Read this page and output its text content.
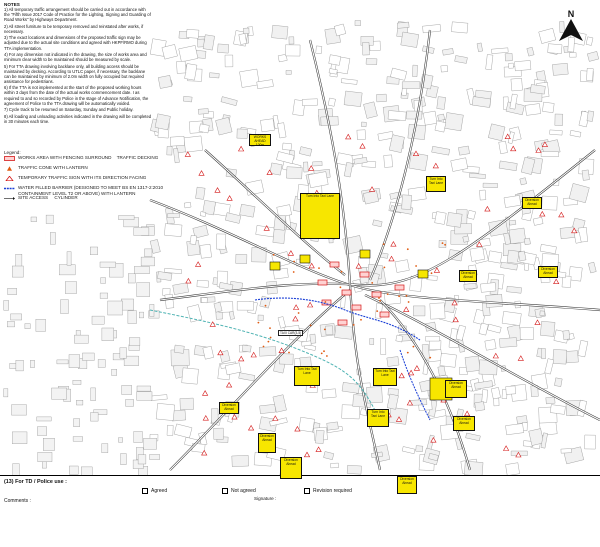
NOTES

1) All temporary traffic arrangement should be carried out in accordance with the "Fifth Issue 2017 Code of Practice for the Lighting, Signing and Guarding of Road Works" by Highways Department.

2) All street furniture to be temporary removed and reinstated after works, if necessary.

3) The exact locations and dimensions of the proposed traffic sign may be adjusted due to the actual site conditions and agreed with HKPF/RMO during TTA implementation.

4) For any dimension not indicated in the drawing, the size of works area and minimum clear width to be maintained should be measured by scale.

5) For TTA drawing involving backlane only, all building access should be maintained by decking. According to UTLC paper, if necessary, the backlane can be maintained by minimum of 2.0m width on fully occupied but required assistance for pedestrians.

6) If the TTA is not implemented at the start of the proposed working hours within 3 days from the date of the actual works commencement date. I as required to and so recorded by Police in the stage of Advance Notification, the agreement of Police to the TTA drawing will be automatically voided.

7) Cycle track to be resumed on Saturday, Sunday and Public holiday.

8) All loading and unloading activities indicated in the drawing will be completed in 30 minutes each time.

Legend:
WORKS AREA WITH FENCING SURROUND TRAFFIC DECKING
TRAFFIC CONE WITH LANTERN
TEMPORARY TRAFFIC SIGN WITH ITS DIRECTION FACING
WATER FILLED BARRIER (DESIGNED TO MEET BS EN 1317-2:2010 CONTAINMENT LEVEL T2 OR ABOVE) WITH LANTERN
SITE ACCESS CYLINDER
N
(13) For TD / Police use :
Agreed	Not agreed	Revision required
Comments :	Signature :
TAXI CAR(3-5)
WORKS AHEAD 100m
Turn Into Taxi Lane
Turn Into Taxi Lane
Turn Into Taxi Lane	Turn Into Taxi Lane
Turn Into Taxi Lane
Diversion Ahead
Diversion Ahead
Diversion Ahead
Diversion Ahead
Diversion Ahead
Diversion Ahead
Diversion Ahead
Diversion Ahead
Diversion Ahead
